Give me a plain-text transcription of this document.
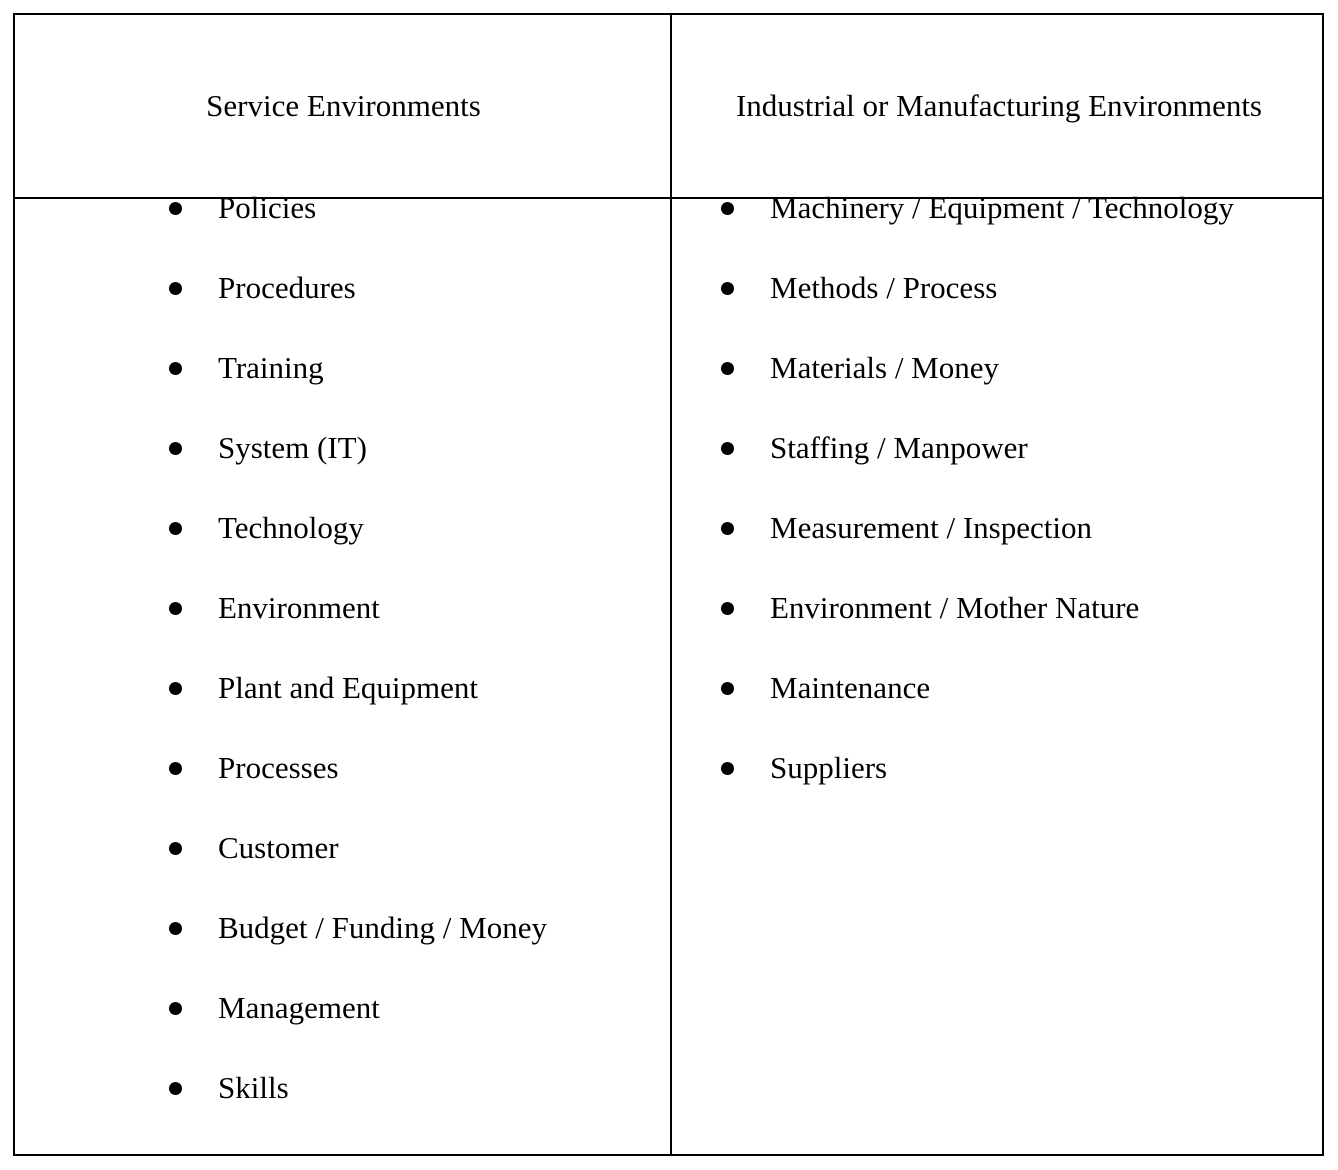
Service Environments	Industrial or Manufacturing Environments
Policies
Procedures
Training
System (IT)
Technology
Environment
Plant and Equipment
Processes
Customer
Budget / Funding / Money
Management
Skills
Machinery / Equipment / Technology
Methods / Process
Materials / Money
Staffing / Manpower
Measurement / Inspection
Environment / Mother Nature
Maintenance
Suppliers
